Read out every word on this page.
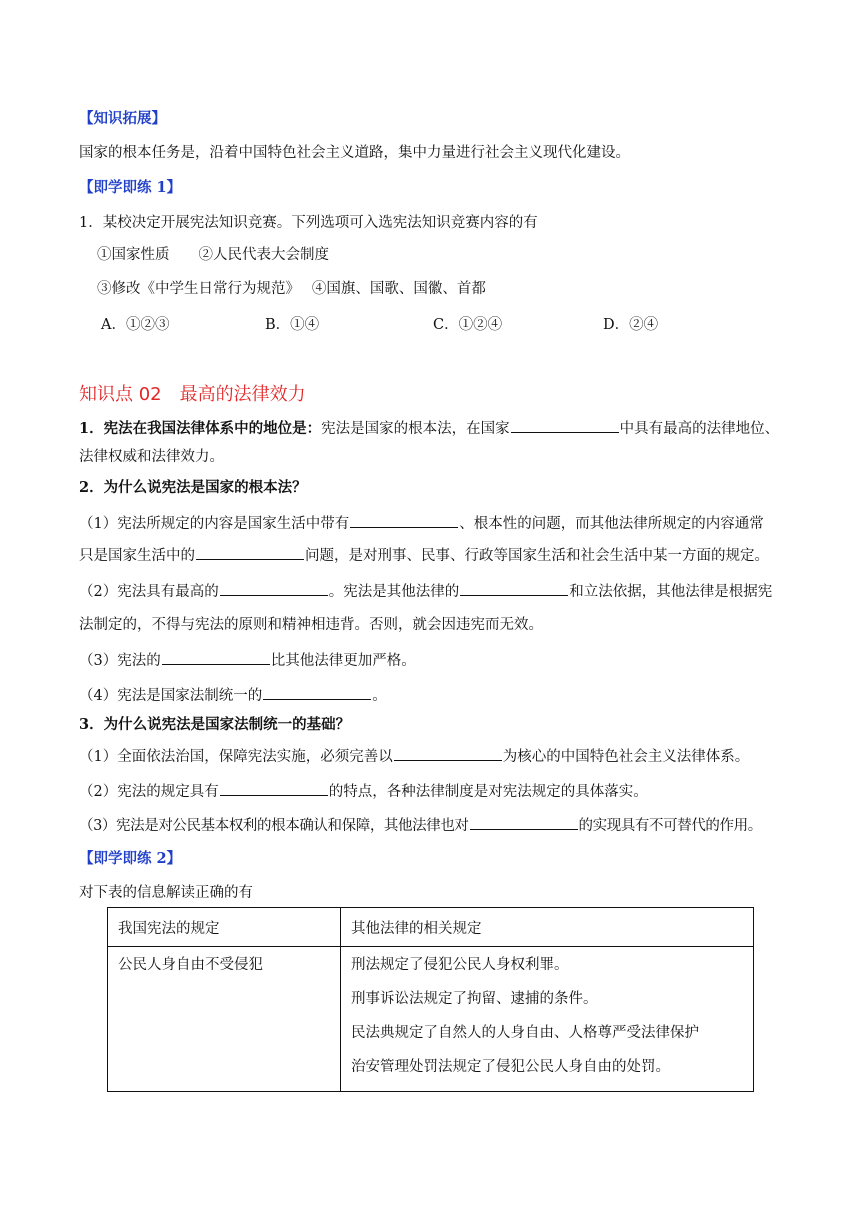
【知识拓展】
国家的根本任务是，沿着中国特色社会主义道路，集中力量进行社会主义现代化建设。
【即学即练 1】
1．某校决定开展宪法知识竞赛。下列选项可入选宪法知识竞赛内容的有
①国家性质　　②人民代表大会制度
③修改《中学生日常行为规范》　 ④国旗、国歌、国徽、首都
A．①②③	B．①④	C．①②④	D．②④
知识点 02　最高的法律效力
1．宪法在我国法律体系中的地位是：宪法是国家的根本法，在国家	中具有最高的法律地位、
法律权威和法律效力。
2．为什么说宪法是国家的根本法？
（1）宪法所规定的内容是国家生活中带有	、根本性的问题，而其他法律所规定的内容通常
只是国家生活中的	问题，是对刑事、民事、行政等国家生活和社会生活中某一方面的规定。
（2）宪法具有最高的	。宪法是其他法律的	和立法依据，其他法律是根据宪
法制定的，不得与宪法的原则和精神相违背。否则，就会因违宪而无效。
（3）宪法的	比其他法律更加严格。
（4）宪法是国家法制统一的	。
3．为什么说宪法是国家法制统一的基础？
（1）全面依法治国，保障宪法实施，必须完善以	为核心的中国特色社会主义法律体系。
（2）宪法的规定具有	的特点，各种法律制度是对宪法规定的具体落实。
（3）宪法是对公民基本权利的根本确认和保障，其他法律也对	的实现具有不可替代的作用。
【即学即练 2】
对下表的信息解读正确的有
我国宪法的规定	其他法律的相关规定

公民人身自由不受侵犯	刑法规定了侵犯公民人身权利罪。
刑事诉讼法规定了拘留、逮捕的条件。
民法典规定了自然人的人身自由、人格尊严受法律保护
治安管理处罚法规定了侵犯公民人身自由的处罚。
